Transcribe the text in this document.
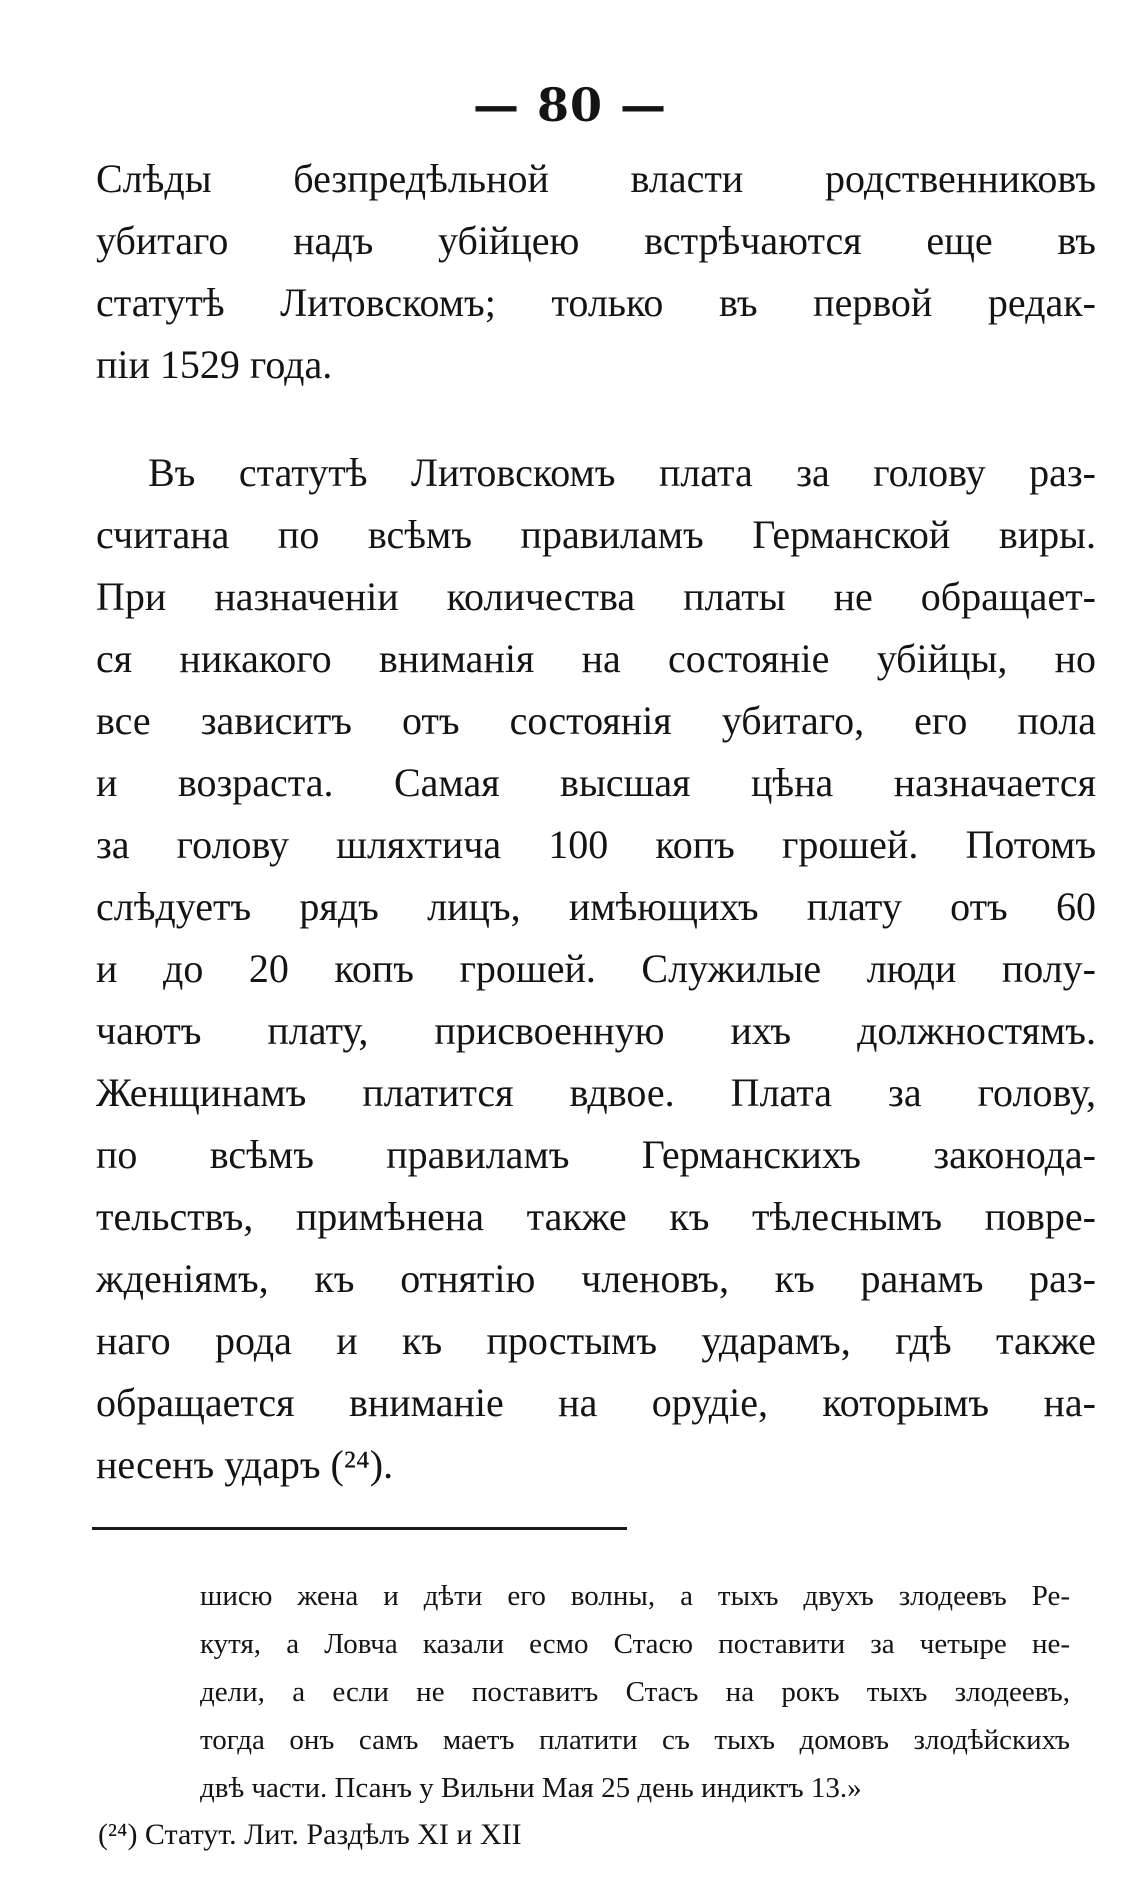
— 80 —

Слѣды безпредѣльной власти родственниковъ
убитаго надъ убійцею встрѣчаются еще въ
статутѣ Литовскомъ; только въ первой редак-
піи 1529 года.

Въ статутѣ Литовскомъ плата за голову раз-
считана по всѣмъ правиламъ Германской виры.
При назначеніи количества платы не обращает-
ся никакого вниманія на состояніе убійцы, но
все зависитъ отъ состоянія убитаго, его пола
и возраста. Самая высшая цѣна назначается
за голову шляхтича 100 копъ грошей. Потомъ
слѣдуетъ рядъ лицъ, имѣющихъ плату отъ 60
и до 20 копъ грошей. Служилые люди полу-
чаютъ плату, присвоенную ихъ должностямъ.
Женщинамъ платится вдвое. Плата за голову,
по всѣмъ правиламъ Германскихъ законода-
тельствъ, примѣнена также къ тѣлеснымъ повре-
жденіямъ, къ отнятію членовъ, къ ранамъ раз-
наго рода и къ простымъ ударамъ, гдѣ также
обращается вниманіе на орудіе, которымъ на-
несенъ ударъ (²⁴).

шисю жена и дѣти его волны, а тыхъ двухъ злодеевъ Ре-
кутя, а Ловча казали есмо Стасю поставити за четыре не-
дели, а если не поставитъ Стасъ на рокъ тыхъ злодеевъ,
тогда онъ самъ маетъ платити съ тыхъ домовъ злодѣйскихъ
двѣ части. Псанъ у Вильни Мая 25 день индиктъ 13.»
(²⁴) Статут. Лит. Раздѣлъ XI и XII
